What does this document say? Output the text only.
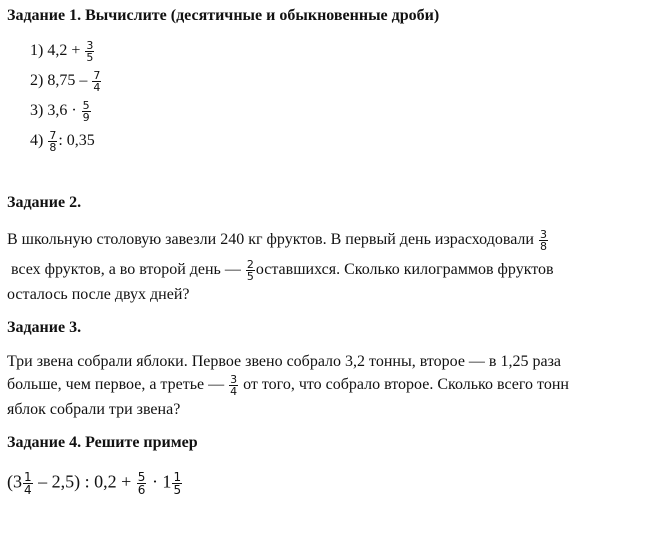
Задание 1. Вычислите (десятичные и обыкновенные дроби)
1) $4,2 + \frac{3}{5}$
2) $8,75 - \frac{7}{4}$
3) $3,6 \cdot \frac{5}{9}$
$4) \frac{7}{8}$ : 0,35
Задание 2.
В школьную столовую завезли 240 кг фруктов. В первый день израсходовали $\frac{3}{8}$
всех фруктов, а во второй день — $\frac{2}{5}$ оставшихся. Сколько килограммов фруктов
осталось после двух дней?
Задание 3.
Три звена собрали яблоки. Первое звено собрало 3,2 тонны, второе — в 1,25 раза
больше, чем первое, а третье — $\frac{3}{4}$ от того, что собрало второе. Сколько всего тонн
яблок собрали три звена?
Задание 4. Решите пример
$(3 \frac{1}{4} - 2,5)$ : $0,2 + \frac{5}{6} \cdot 1 \frac{1}{5}$
